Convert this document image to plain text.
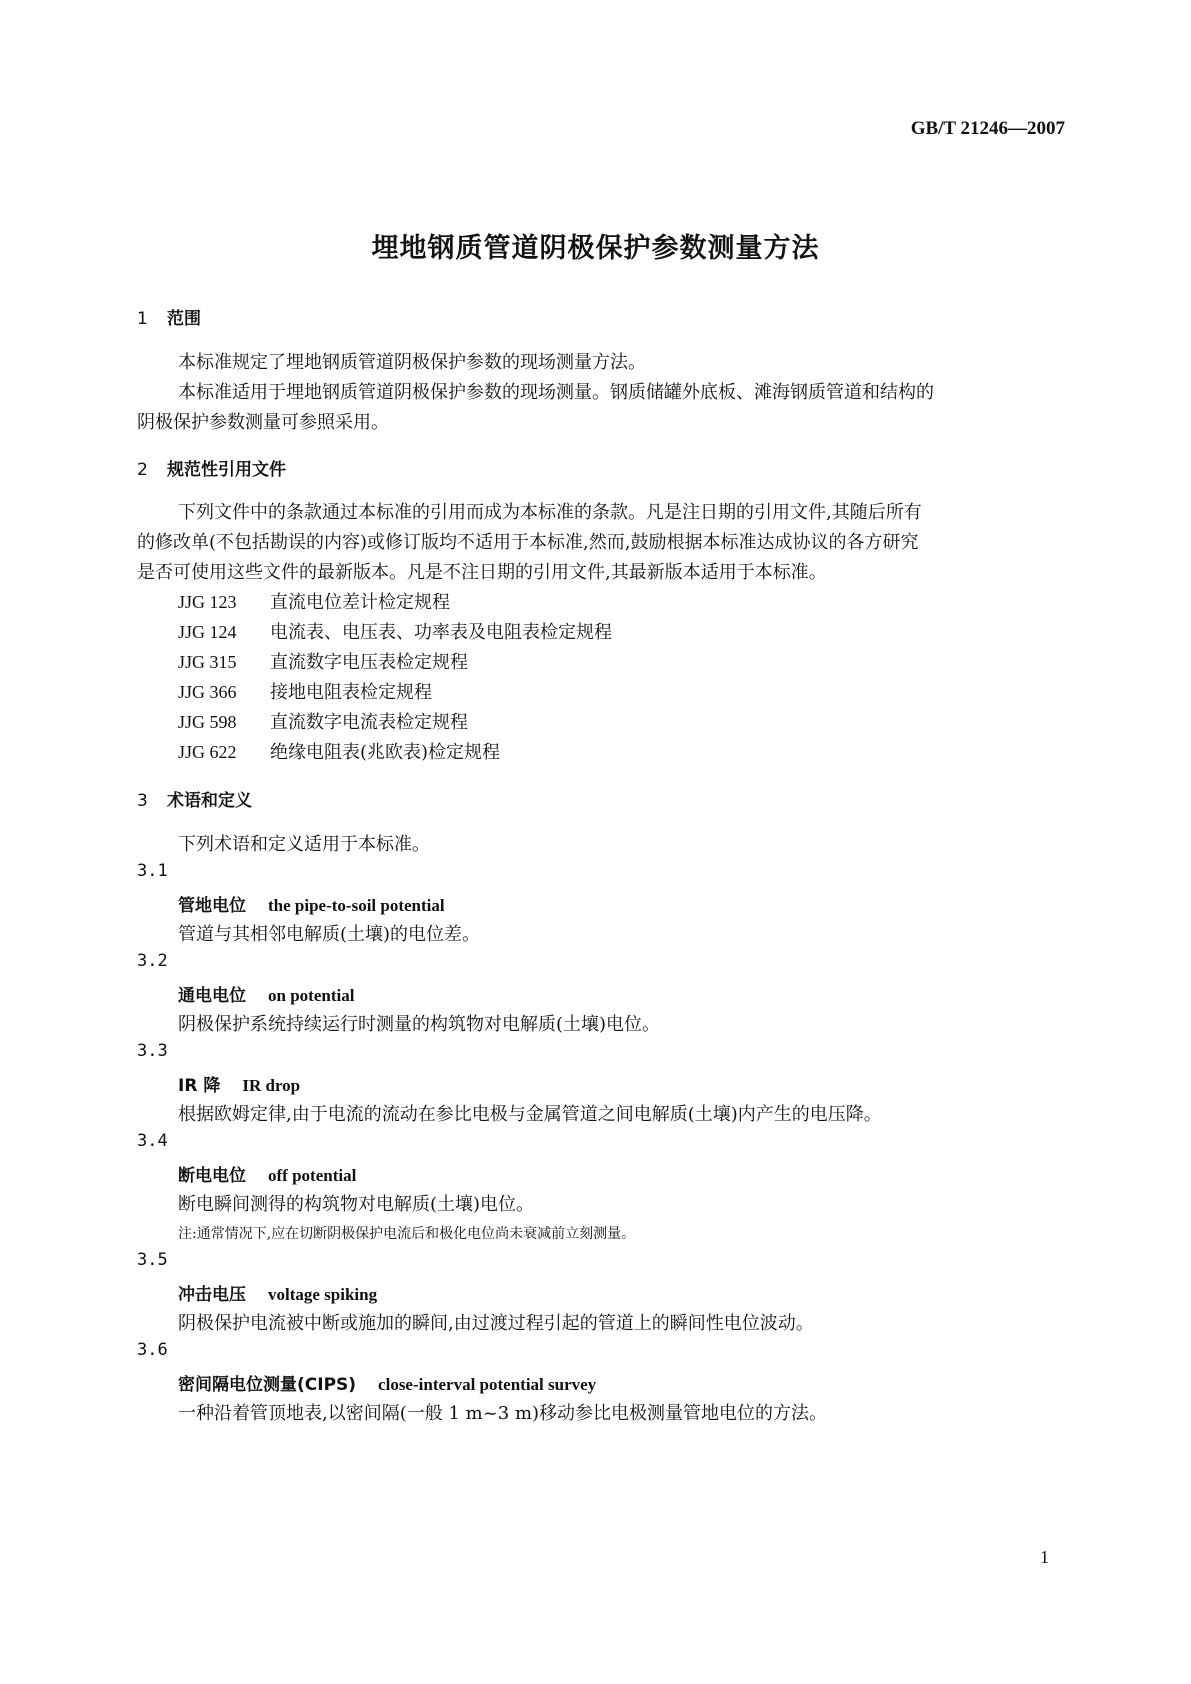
GB/T 21246—2007
埋地钢质管道阴极保护参数测量方法
1 范围
本标准规定了埋地钢质管道阴极保护参数的现场测量方法。
本标准适用于埋地钢质管道阴极保护参数的现场测量。钢质储罐外底板、滩海钢质管道和结构的
阴极保护参数测量可参照采用。
2 规范性引用文件
下列文件中的条款通过本标准的引用而成为本标准的条款。凡是注日期的引用文件,其随后所有
的修改单(不包括勘误的内容)或修订版均不适用于本标准,然而,鼓励根据本标准达成协议的各方研究
是否可使用这些文件的最新版本。凡是不注日期的引用文件,其最新版本适用于本标准。
JJG 123 直流电位差计检定规程
JJG 124 电流表、电压表、功率表及电阻表检定规程
JJG 315 直流数字电压表检定规程
JJG 366 接地电阻表检定规程
JJG 598 直流数字电流表检定规程
JJG 622 绝缘电阻表(兆欧表)检定规程
3 术语和定义
下列术语和定义适用于本标准。
3.1
管地电位 the pipe-to-soil potential
管道与其相邻电解质(土壤)的电位差。
3.2
通电电位 on potential
阴极保护系统持续运行时测量的构筑物对电解质(土壤)电位。
3.3
IR 降 IR drop
根据欧姆定律,由于电流的流动在参比电极与金属管道之间电解质(土壤)内产生的电压降。
3.4
断电电位 off potential
断电瞬间测得的构筑物对电解质(土壤)电位。
注:通常情况下,应在切断阴极保护电流后和极化电位尚未衰减前立刻测量。
3.5
冲击电压 voltage spiking
阴极保护电流被中断或施加的瞬间,由过渡过程引起的管道上的瞬间性电位波动。
3.6
密间隔电位测量(CIPS) close-interval potential survey
一种沿着管顶地表,以密间隔(一般 1 m~3 m)移动参比电极测量管地电位的方法。
1
